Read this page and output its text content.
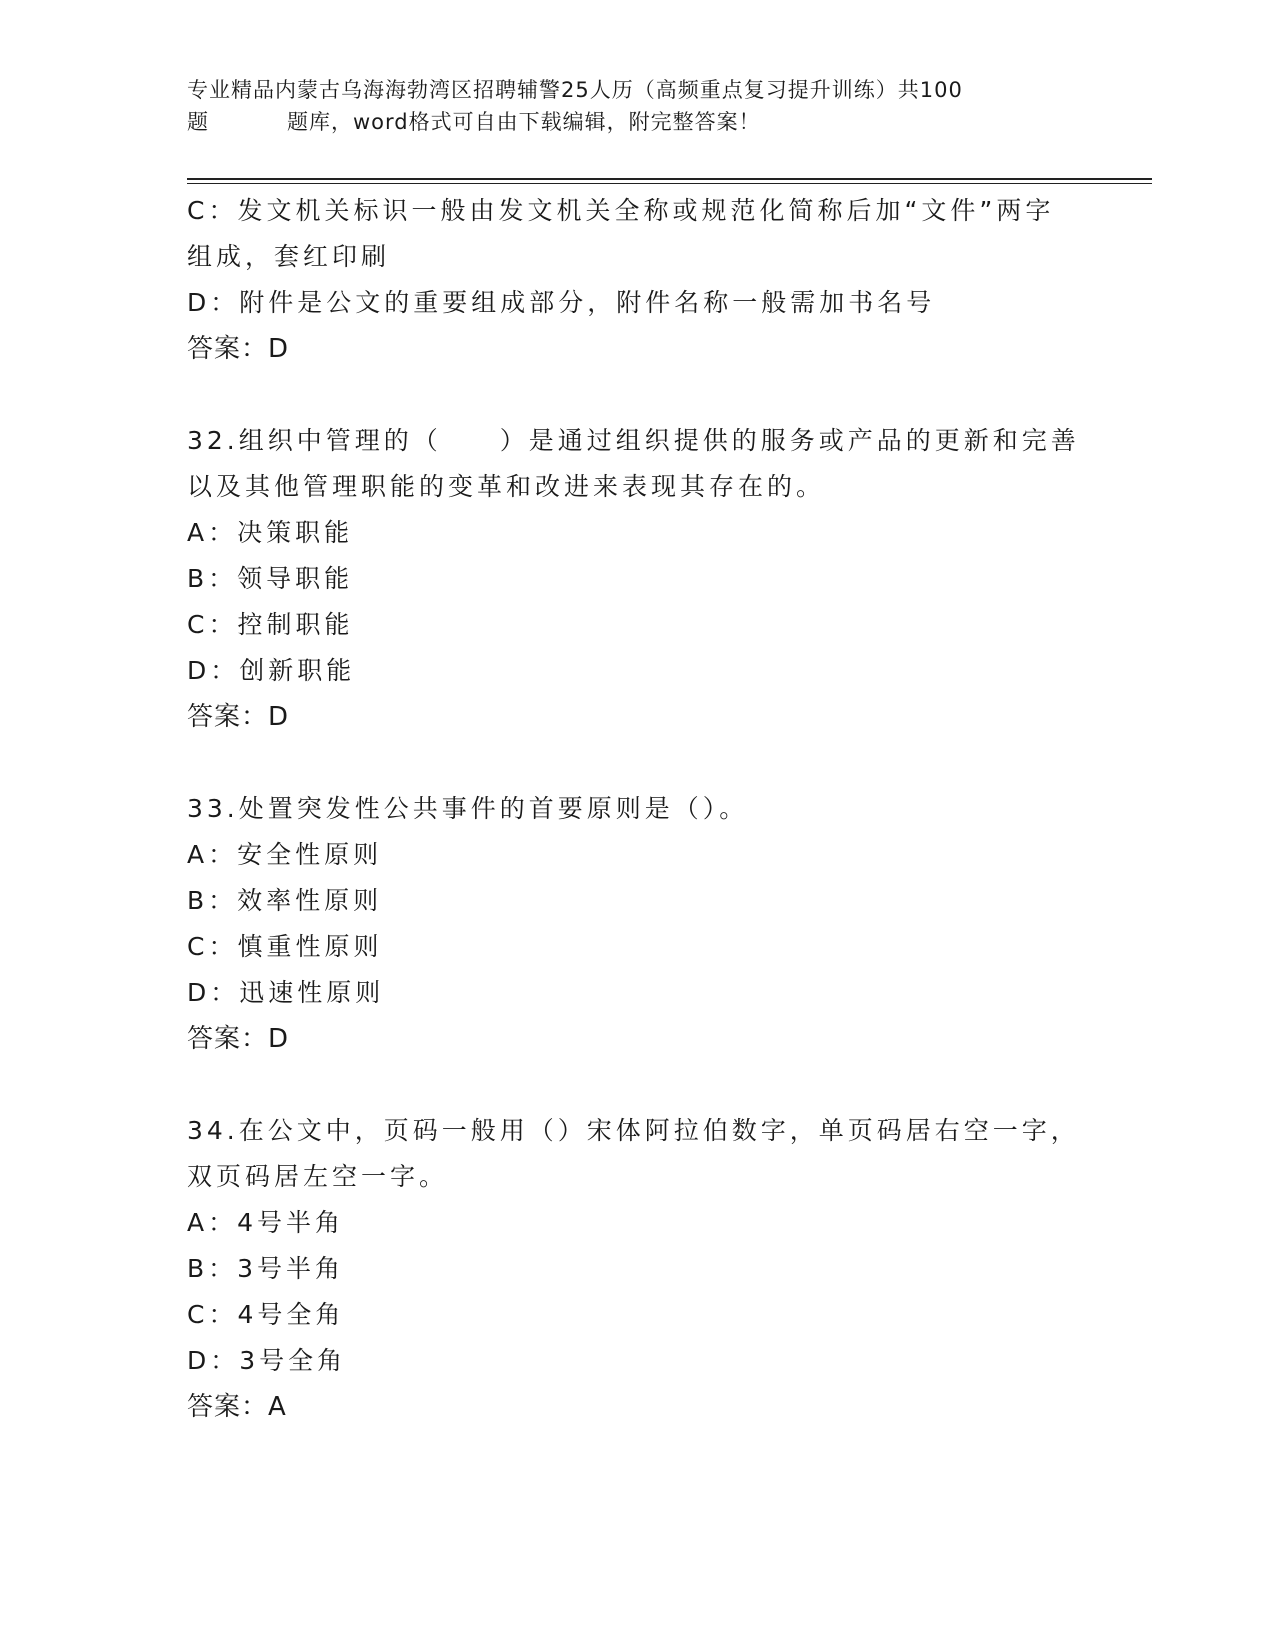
专业精品内蒙古乌海海勃湾区招聘辅警25人历（高频重点复习提升训练）共100
题	题库，word格式可自由下载编辑，附完整答案！
C：发文机关标识一般由发文机关全称或规范化简称后加“文件”两字
组成，套红印刷
D：附件是公文的重要组成部分，附件名称一般需加书名号
答案：D
32.组织中管理的（　　）是通过组织提供的服务或产品的更新和完善
以及其他管理职能的变革和改进来表现其存在的。
A：决策职能
B：领导职能
C：控制职能
D：创新职能
答案：D
33.处置突发性公共事件的首要原则是（）。
A：安全性原则
B：效率性原则
C：慎重性原则
D：迅速性原则
答案：D
34.在公文中，页码一般用（）宋体阿拉伯数字，单页码居右空一字，
双页码居左空一字。
A：4号半角
B：3号半角
C：4号全角
D：3号全角
答案：A
